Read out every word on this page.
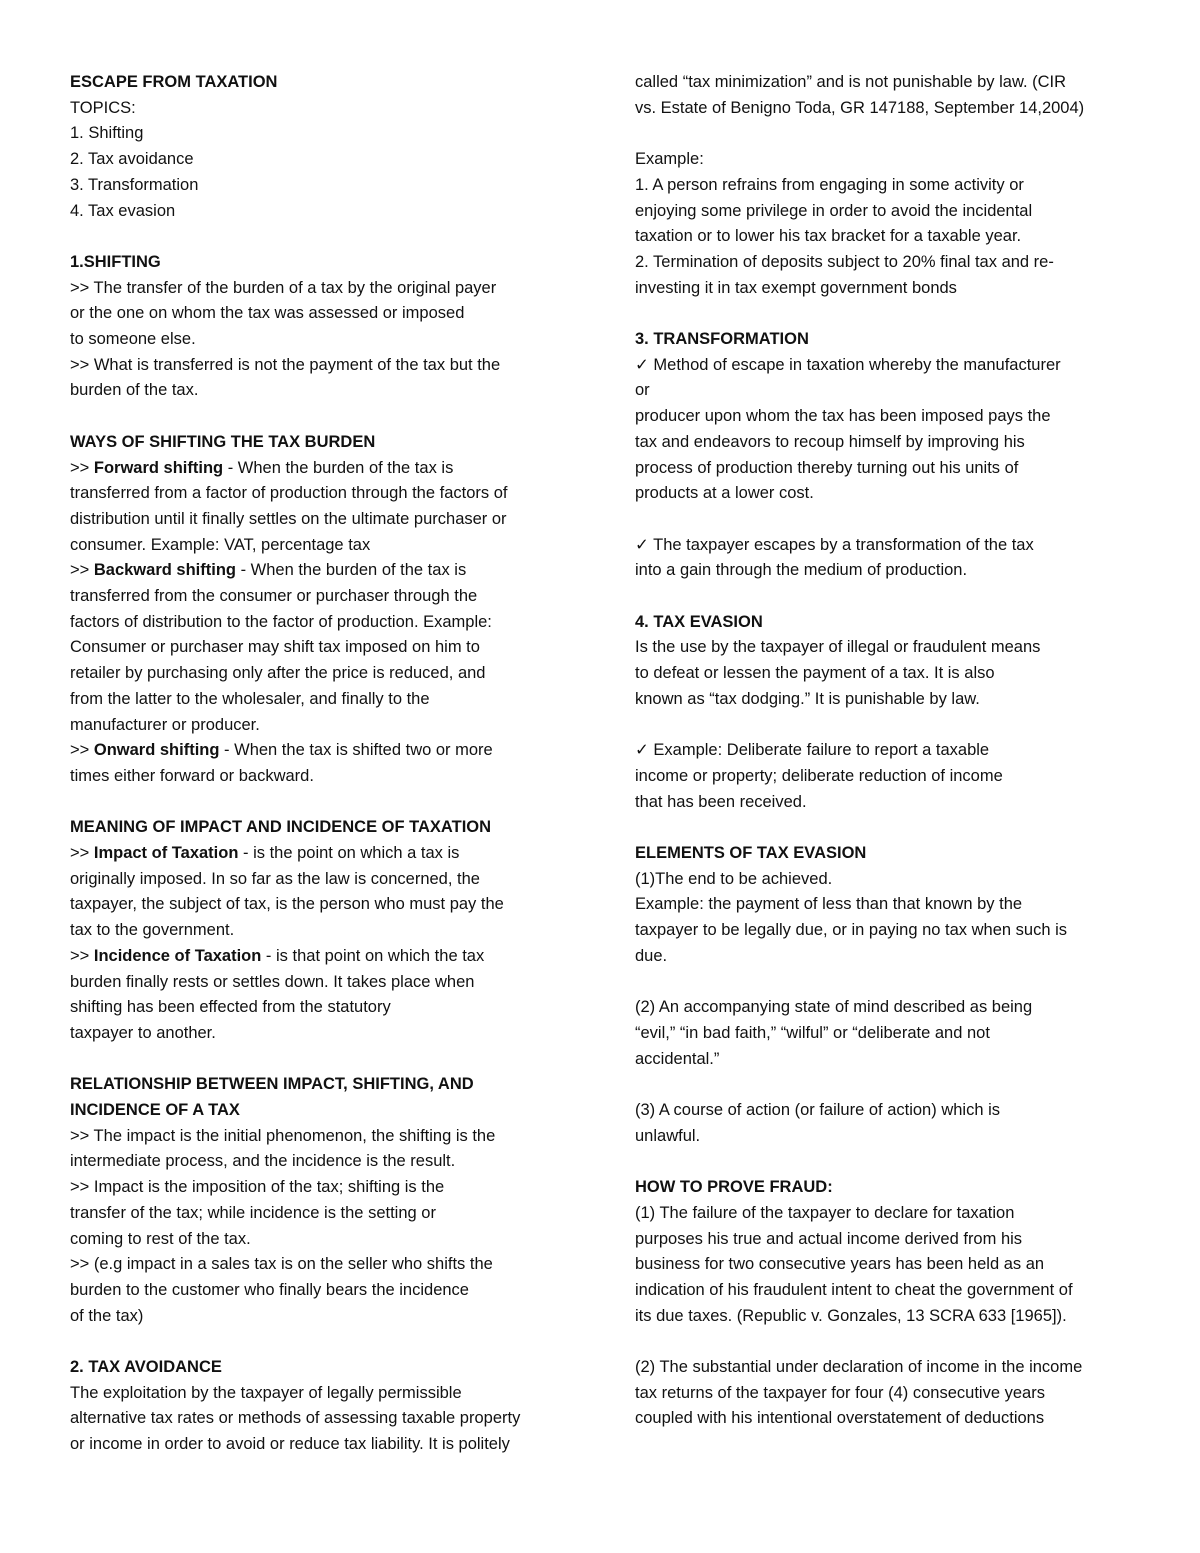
ESCAPE FROM TAXATION
TOPICS:
1. Shifting
2. Tax avoidance
3. Transformation
4. Tax evasion
1.SHIFTING
>> The transfer of the burden of a tax by the original payer
or the one on whom the tax was assessed or imposed
to someone else.
>> What is transferred is not the payment of the tax but the
burden of the tax.
WAYS OF SHIFTING THE TAX BURDEN
>> Forward shifting - When the burden of the tax is
transferred from a factor of production through the factors of
distribution until it finally settles on the ultimate purchaser or
consumer. Example: VAT, percentage tax
>> Backward shifting - When the burden of the tax is
transferred from the consumer or purchaser through the
factors of distribution to the factor of production. Example:
Consumer or purchaser may shift tax imposed on him to
retailer by purchasing only after the price is reduced, and
from the latter to the wholesaler, and finally to the
manufacturer or producer.
>> Onward shifting - When the tax is shifted two or more
times either forward or backward.
MEANING OF IMPACT AND INCIDENCE OF TAXATION
>> Impact of Taxation - is the point on which a tax is
originally imposed. In so far as the law is concerned, the
taxpayer, the subject of tax, is the person who must pay the
tax to the government.
>> Incidence of Taxation - is that point on which the tax
burden finally rests or settles down. It takes place when
shifting has been effected from the statutory
taxpayer to another.
RELATIONSHIP BETWEEN IMPACT, SHIFTING, AND
INCIDENCE OF A TAX
>> The impact is the initial phenomenon, the shifting is the
intermediate process, and the incidence is the result.
>> Impact is the imposition of the tax; shifting is the
transfer of the tax; while incidence is the setting or
coming to rest of the tax.
>> (e.g impact in a sales tax is on the seller who shifts the
burden to the customer who finally bears the incidence
of the tax)
2. TAX AVOIDANCE
The exploitation by the taxpayer of legally permissible
alternative tax rates or methods of assessing taxable property
or income in order to avoid or reduce tax liability. It is politely
called “tax minimization” and is not punishable by law. (CIR
vs. Estate of Benigno Toda, GR 147188, September 14,2004)
Example:
1. A person refrains from engaging in some activity or
enjoying some privilege in order to avoid the incidental
taxation or to lower his tax bracket for a taxable year.
2. Termination of deposits subject to 20% final tax and re-
investing it in tax exempt government bonds
3. TRANSFORMATION
✓ Method of escape in taxation whereby the manufacturer
or
producer upon whom the tax has been imposed pays the
tax and endeavors to recoup himself by improving his
process of production thereby turning out his units of
products at a lower cost.
✓ The taxpayer escapes by a transformation of the tax
into a gain through the medium of production.
4. TAX EVASION
Is the use by the taxpayer of illegal or fraudulent means
to defeat or lessen the payment of a tax. It is also
known as “tax dodging.” It is punishable by law.
✓ Example: Deliberate failure to report a taxable
income or property; deliberate reduction of income
that has been received.
ELEMENTS OF TAX EVASION
(1)The end to be achieved.
Example: the payment of less than that known by the
taxpayer to be legally due, or in paying no tax when such is
due.
(2) An accompanying state of mind described as being
“evil,” “in bad faith,” “wilful” or “deliberate and not
accidental.”
(3) A course of action (or failure of action) which is
unlawful.
HOW TO PROVE FRAUD:
(1) The failure of the taxpayer to declare for taxation
purposes his true and actual income derived from his
business for two consecutive years has been held as an
indication of his fraudulent intent to cheat the government of
its due taxes. (Republic v. Gonzales, 13 SCRA 633 [1965]).
(2) The substantial under declaration of income in the income
tax returns of the taxpayer for four (4) consecutive years
coupled with his intentional overstatement of deductions
